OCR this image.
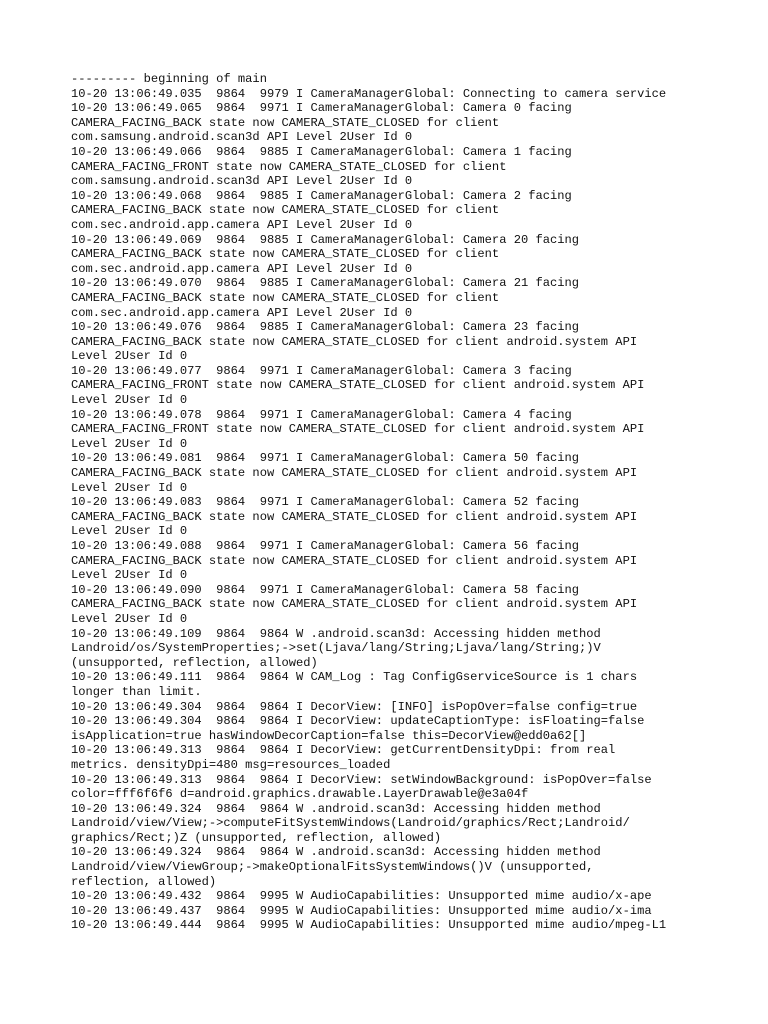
--------- beginning of main
10-20 13:06:49.035  9864  9979 I CameraManagerGlobal: Connecting to camera service
10-20 13:06:49.065  9864  9971 I CameraManagerGlobal: Camera 0 facing
CAMERA_FACING_BACK state now CAMERA_STATE_CLOSED for client
com.samsung.android.scan3d API Level 2User Id 0
10-20 13:06:49.066  9864  9885 I CameraManagerGlobal: Camera 1 facing
CAMERA_FACING_FRONT state now CAMERA_STATE_CLOSED for client
com.samsung.android.scan3d API Level 2User Id 0
10-20 13:06:49.068  9864  9885 I CameraManagerGlobal: Camera 2 facing
CAMERA_FACING_BACK state now CAMERA_STATE_CLOSED for client
com.sec.android.app.camera API Level 2User Id 0
10-20 13:06:49.069  9864  9885 I CameraManagerGlobal: Camera 20 facing
CAMERA_FACING_BACK state now CAMERA_STATE_CLOSED for client
com.sec.android.app.camera API Level 2User Id 0
10-20 13:06:49.070  9864  9885 I CameraManagerGlobal: Camera 21 facing
CAMERA_FACING_BACK state now CAMERA_STATE_CLOSED for client
com.sec.android.app.camera API Level 2User Id 0
10-20 13:06:49.076  9864  9885 I CameraManagerGlobal: Camera 23 facing
CAMERA_FACING_BACK state now CAMERA_STATE_CLOSED for client android.system API
Level 2User Id 0
10-20 13:06:49.077  9864  9971 I CameraManagerGlobal: Camera 3 facing
CAMERA_FACING_FRONT state now CAMERA_STATE_CLOSED for client android.system API
Level 2User Id 0
10-20 13:06:49.078  9864  9971 I CameraManagerGlobal: Camera 4 facing
CAMERA_FACING_FRONT state now CAMERA_STATE_CLOSED for client android.system API
Level 2User Id 0
10-20 13:06:49.081  9864  9971 I CameraManagerGlobal: Camera 50 facing
CAMERA_FACING_BACK state now CAMERA_STATE_CLOSED for client android.system API
Level 2User Id 0
10-20 13:06:49.083  9864  9971 I CameraManagerGlobal: Camera 52 facing
CAMERA_FACING_BACK state now CAMERA_STATE_CLOSED for client android.system API
Level 2User Id 0
10-20 13:06:49.088  9864  9971 I CameraManagerGlobal: Camera 56 facing
CAMERA_FACING_BACK state now CAMERA_STATE_CLOSED for client android.system API
Level 2User Id 0
10-20 13:06:49.090  9864  9971 I CameraManagerGlobal: Camera 58 facing
CAMERA_FACING_BACK state now CAMERA_STATE_CLOSED for client android.system API
Level 2User Id 0
10-20 13:06:49.109  9864  9864 W .android.scan3d: Accessing hidden method
Landroid/os/SystemProperties;->set(Ljava/lang/String;Ljava/lang/String;)V
(unsupported, reflection, allowed)
10-20 13:06:49.111  9864  9864 W CAM_Log : Tag ConfigGserviceSource is 1 chars
longer than limit.
10-20 13:06:49.304  9864  9864 I DecorView: [INFO] isPopOver=false config=true
10-20 13:06:49.304  9864  9864 I DecorView: updateCaptionType: isFloating=false
isApplication=true hasWindowDecorCaption=false this=DecorView@edd0a62[]
10-20 13:06:49.313  9864  9864 I DecorView: getCurrentDensityDpi: from real
metrics. densityDpi=480 msg=resources_loaded
10-20 13:06:49.313  9864  9864 I DecorView: setWindowBackground: isPopOver=false
color=fff6f6f6 d=android.graphics.drawable.LayerDrawable@e3a04f
10-20 13:06:49.324  9864  9864 W .android.scan3d: Accessing hidden method
Landroid/view/View;->computeFitSystemWindows(Landroid/graphics/Rect;Landroid/
graphics/Rect;)Z (unsupported, reflection, allowed)
10-20 13:06:49.324  9864  9864 W .android.scan3d: Accessing hidden method
Landroid/view/ViewGroup;->makeOptionalFitsSystemWindows()V (unsupported,
reflection, allowed)
10-20 13:06:49.432  9864  9995 W AudioCapabilities: Unsupported mime audio/x-ape
10-20 13:06:49.437  9864  9995 W AudioCapabilities: Unsupported mime audio/x-ima
10-20 13:06:49.444  9864  9995 W AudioCapabilities: Unsupported mime audio/mpeg-L1
